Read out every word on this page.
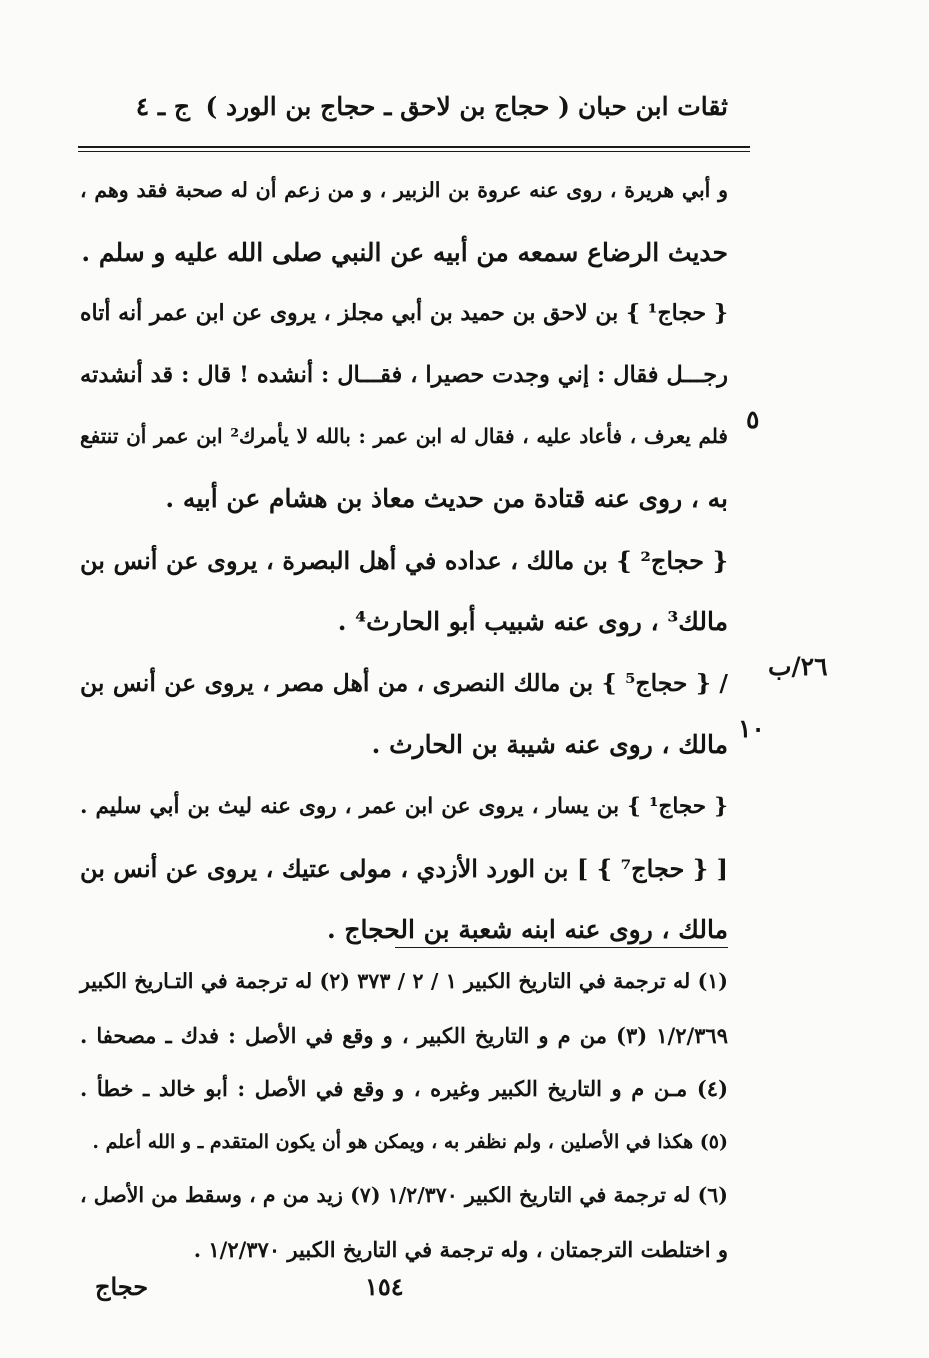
ثقات ابن حبان
( حجاج بن لاحق ـ حجاج بن الورد )
ج ـ ٤
و أبي هريرة ، روى عنه عروة بن الزبير ، و من زعم أن له صحبة فقد وهم ،
حديث الرضاع سمعه من أبيه عن النبي صلى الله عليه و سلم .
{ حجاج¹ } بن لاحق بن حميد بن أبي مجلز ، يروى عن ابن عمر أنه أتاه
رجـــل فقال : إني وجدت حصيرا ، فقـــال : أنشده ! قال : قد أنشدته
فلم يعرف ، فأعاد عليه ، فقال له ابن عمر : بالله لا يأمرك² ابن عمر أن تنتفع
به ، روى عنه قتادة من حديث معاذ بن هشام عن أبيه .
{ حجاج² } بن مالك ، عداده في أهل البصرة ، يروى عن أنس بن
مالك³ ، روى عنه شبيب أبو الحارث⁴ .
/ { حجاج⁵ } بن مالك النصرى ، من أهل مصر ، يروى عن أنس بن
مالك ، روى عنه شيبة بن الحارث .
{ حجاج¹ } بن يسار ، يروى عن ابن عمر ، روى عنه ليث بن أبي سليم .
[ { حجاج⁷ } ] بن الورد الأزدي ، مولى عتيك ، يروى عن أنس بن
مالك ، روى عنه ابنه شعبة بن الحجاج .
٥
٢٦/ب
١٠
(١) له ترجمة في التاريخ الكبير ١ / ٢ / ٣٧٣ (٢) له ترجمة في التـاريخ الكبير
١/٢/٣٦٩ (٣) من م و التاريخ الكبير ، و وقع في الأصل : فدك ـ مصحفا .
(٤) مـن م و التاريخ الكبير وغيره ، و وقع في الأصل : أبو خالد ـ خطأ .
(٥) هكذا في الأصلين ، ولم نظفر به ، ويمكن هو أن يكون المتقدم ـ و الله أعلم .
(٦) له ترجمة في التاريخ الكبير ١/٢/٣٧٠ (٧) زيد من م ، وسقط من الأصل ،
و اختلطت الترجمتان ، وله ترجمة في التاريخ الكبير ١/٢/٣٧٠ .
١٥٤
حجاج
